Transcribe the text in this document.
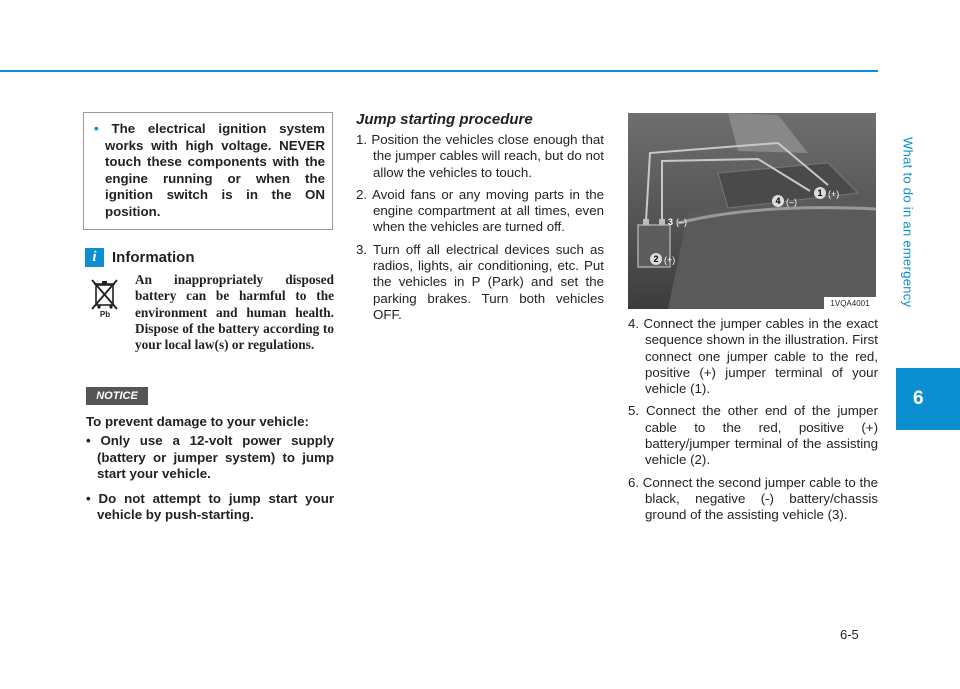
What to do in an emergency
6
6-5

• The electrical ignition system works with high voltage. NEVER touch these components with the engine running or when the ignition switch is in the ON position.

i	Information
Pb

An inappropriately disposed battery can be harmful to the environment and human health. Dispose of the battery according to your local law(s) or regulations.

NOTICE

To prevent damage to your vehicle:

• Only use a 12-volt power supply (battery or jumper system) to jump start your vehicle.
• Do not attempt to jump start your vehicle by push-starting.

Jump starting procedure

1. Position the vehicles close enough that the jumper cables will reach, but do not allow the vehicles to touch.
2. Avoid fans or any moving parts in the engine compartment at all times, even when the vehicles are turned off.
3. Turn off all electrical devices such as radios, lights, air conditioning, etc. Put the vehicles in P (Park) and set the parking brakes. Turn both vehicles OFF.
1 (+)
4 (–)
3 (–)
2 (+)
1VQA4001
4. Connect the jumper cables in the exact sequence shown in the illustration. First connect one jumper cable to the red, positive (+) jumper terminal of your vehicle (1).
5. Connect the other end of the jumper cable to the red, positive (+) battery/jumper terminal of the assisting vehicle (2).
6. Connect the second jumper cable to the black, negative (-) battery/chassis ground of the assisting vehicle (3).
